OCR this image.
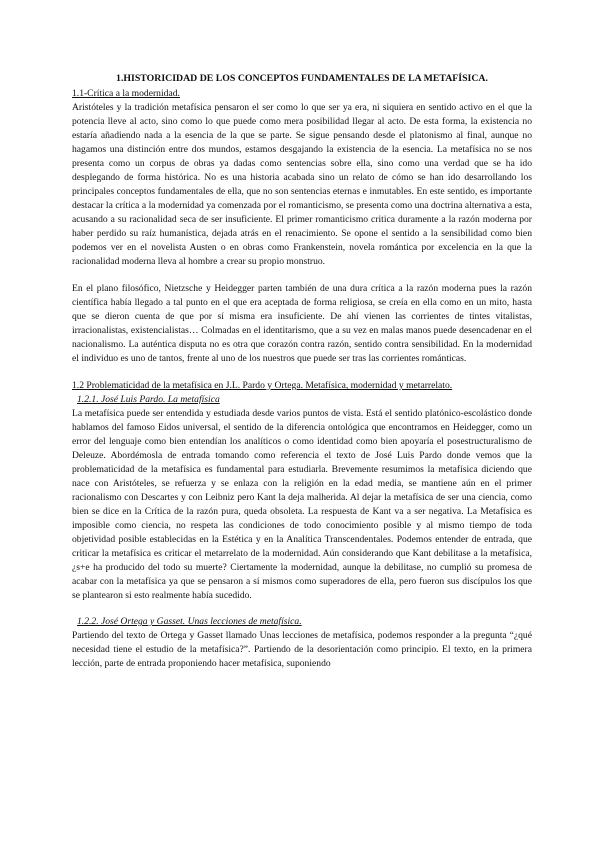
1.HISTORICIDAD DE LOS CONCEPTOS FUNDAMENTALES DE LA METAFÍSICA.

1.1-Crítica a la modernidad.

Aristóteles y la tradición metafísica pensaron el ser como lo que ser ya era, ni siquiera en sentido activo en el que la potencia lleve al acto, sino como lo que puede como mera posibilidad llegar al acto. De esta forma, la existencia no estaría añadiendo nada a la esencia de la que se parte. Se sigue pensando desde el platonismo al final, aunque no hagamos una distinción entre dos mundos, estamos desgajando la existencia de la esencia. La metafísica no se nos presenta como un corpus de obras ya dadas como sentencias sobre ella, sino como una verdad que se ha ido desplegando de forma histórica. No es una historia acabada sino un relato de cómo se han ido desarrollando los principales conceptos fundamentales de ella, que no son sentencias eternas e inmutables. En este sentido, es importante destacar la crítica a la modernidad ya comenzada por el romanticismo, se presenta como una doctrina alternativa a esta, acusando a su racionalidad seca de ser insuficiente. El primer romanticismo critica duramente a la razón moderna por haber perdido su raíz humanística, dejada atrás en el renacimiento. Se opone el sentido a la sensibilidad como bien podemos ver en el novelista Austen o en obras como Frankenstein, novela romántica por excelencia en la que la racionalidad moderna lleva al hombre a crear su propio monstruo.

En el plano filosófico, Nietzsche y Heidegger parten también de una dura crítica a la razón moderna pues la razón científica había llegado a tal punto en el que era aceptada de forma religiosa, se creía en ella como en un mito, hasta que se dieron cuenta de que por sí misma era insuficiente. De ahí vienen las corrientes de tintes vitalistas, irracionalistas, existencialistas… Colmadas en el identitarismo, que a su vez en malas manos puede desencadenar en el nacionalismo. La auténtica disputa no es otra que corazón contra razón, sentido contra sensibilidad. En la modernidad el individuo es uno de tantos, frente al uno de los nuestros que puede ser tras las corrientes románticas.

1.2 Problematicidad de la metafísica en J.L. Pardo y Ortega. Metafísica, modernidad y metarrelato.

1.2.1. José Luis Pardo. La metafísica

La metafísica puede ser entendida y estudiada desde varios puntos de vista. Está el sentido platónico-escolástico donde hablamos del famoso Eidos universal, el sentido de la diferencia ontológica que encontramos en Heidegger, como un error del lenguaje como bien entendían los analíticos o como identidad como bien apoyaría el posestructuralismo de Deleuze. Abordémosla de entrada tomando como referencia el texto de José Luis Pardo donde vemos que la problematicidad de la metafísica es fundamental para estudiarla. Brevemente resumimos la metafísica diciendo que nace con Aristóteles, se refuerza y se enlaza con la religión en la edad media, se mantiene aún en el primer racionalismo con Descartes y con Leibniz pero Kant la deja malherida. Al dejar la metafísica de ser una ciencia, como bien se dice en la Crítica de la razón pura, queda obsoleta. La respuesta de Kant va a ser negativa. La Metafísica es imposible como ciencia, no respeta las condiciones de todo conocimiento posible y al mismo tiempo de toda objetividad posible establecidas en la Estética y en la Analítica Transcendentales. Podemos entender de entrada, que criticar la metafísica es criticar el metarrelato de la modernidad. Aún considerando que Kant debilitase a la metafísica, ¿s+e ha producido del todo su muerte? Ciertamente la modernidad, aunque la debilitase, no cumplió su promesa de acabar con la metafísica ya que se pensaron a sí mismos como superadores de ella, pero fueron sus discípulos los que se plantearon si esto realmente había sucedido.

1.2.2. José Ortega y Gasset. Unas lecciones de metafísica.

Partiendo del texto de Ortega y Gasset llamado Unas lecciones de metafísica, podemos responder a la pregunta “¿qué necesidad tiene el estudio de la metafísica?”. Partiendo de la desorientación como principio. El texto, en la primera lección, parte de entrada proponiendo hacer metafísica, suponiendo
